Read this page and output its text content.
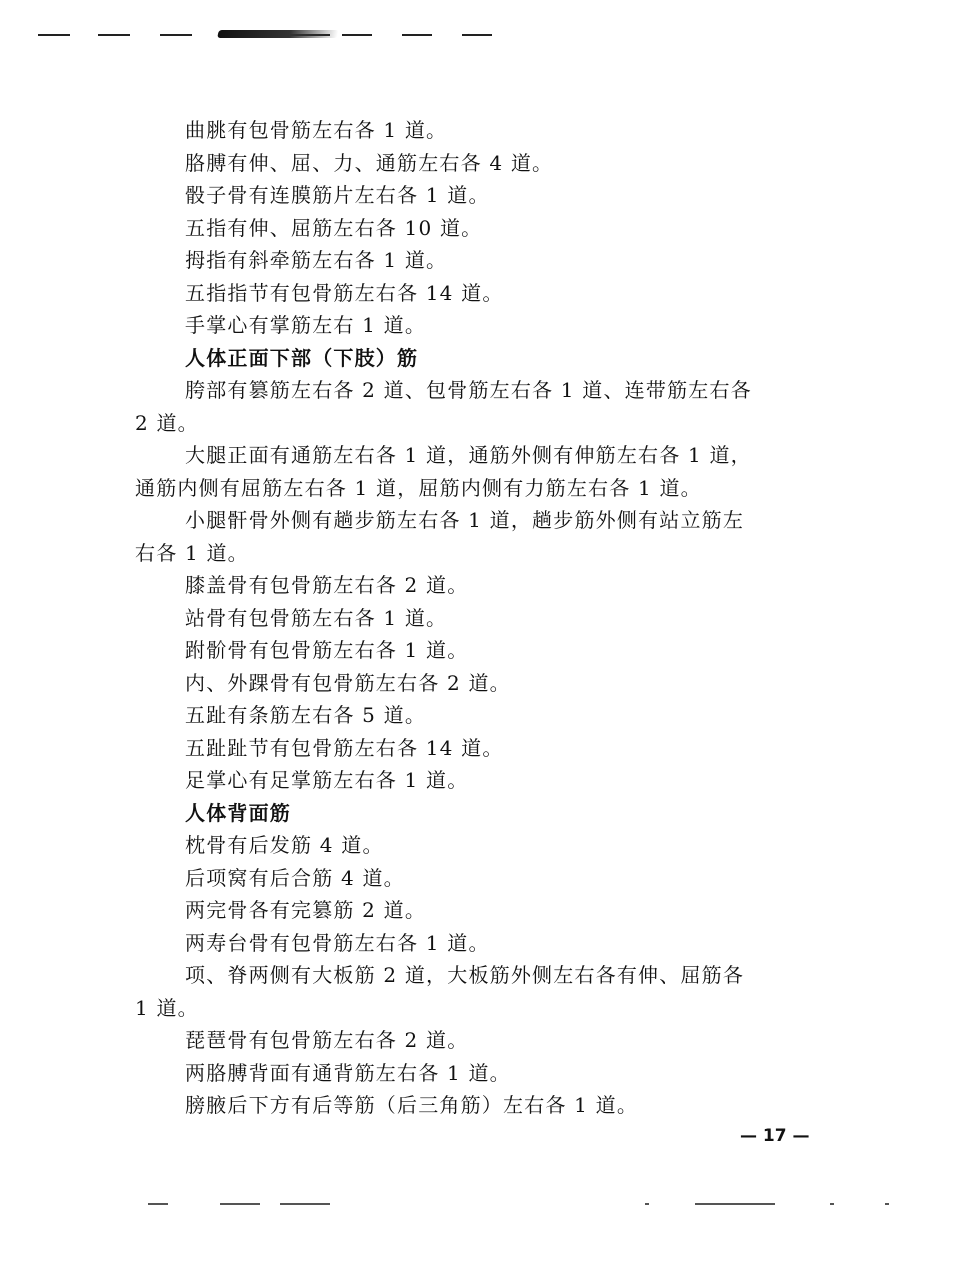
曲脁有包骨筋左右各 1 道。
胳膊有伸、屈、力、通筋左右各 4 道。
骰子骨有连膜筋片左右各 1 道。
五指有伸、屈筋左右各 10 道。
拇指有斜牵筋左右各 1 道。
五指指节有包骨筋左右各 14 道。
手掌心有掌筋左右 1 道。
人体正面下部（下肢）筋
胯部有篡筋左右各 2 道、包骨筋左右各 1 道、连带筋左右各
2 道。
大腿正面有通筋左右各 1 道，通筋外侧有伸筋左右各 1 道，
通筋内侧有屈筋左右各 1 道，屈筋内侧有力筋左右各 1 道。
小腿骭骨外侧有趟步筋左右各 1 道，趟步筋外侧有站立筋左
右各 1 道。
膝盖骨有包骨筋左右各 2 道。
站骨有包骨筋左右各 1 道。
跗骱骨有包骨筋左右各 1 道。
内、外踝骨有包骨筋左右各 2 道。
五趾有条筋左右各 5 道。
五趾趾节有包骨筋左右各 14 道。
足掌心有足掌筋左右各 1 道。
人体背面筋
枕骨有后发筋 4 道。
后项窝有后合筋 4 道。
两完骨各有完篡筋 2 道。
两寿台骨有包骨筋左右各 1 道。
项、脊两侧有大板筋 2 道，大板筋外侧左右各有伸、屈筋各
1 道。
琵琶骨有包骨筋左右各 2 道。
两胳膊背面有通背筋左右各 1 道。
膀腋后下方有后等筋（后三角筋）左右各 1 道。
— 17 —
